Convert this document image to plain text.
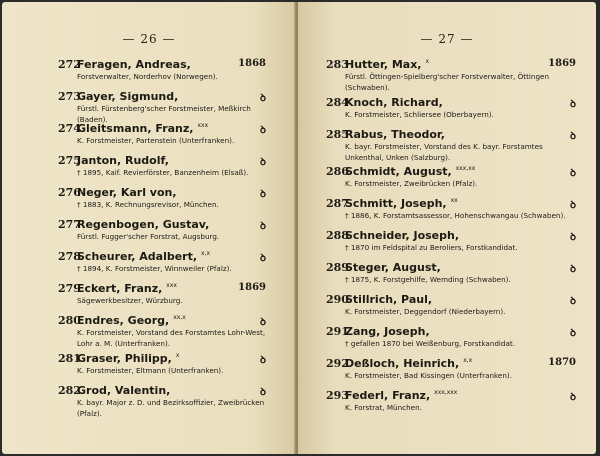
— 26 —
272
Feragen, Andreas,	1868
Forstverwalter, Norderhov (Norwegen).
273
Gayer, Sigmund,	ꝺ
Fürstl. Fürstenberg'scher Forstmeister, Meßkirch (Baden).
274
Gleitsmann, Franz, $^{xxx}$	ꝺ
K. Forstmeister, Partenstein (Unterfranken).
275
Janton, Rudolf,	ꝺ
† 1895, Kaif. Revierförster, Banzenheim (Elsaß).
276
Neger, Karl von,	ꝺ
† 1883, K. Rechnungsrevisor, München.
277
Regenbogen, Gustav,	ꝺ
Fürstl. Fugger'scher Forstrat, Augsburg.
278
Scheurer, Adalbert, $^{x,x}$	ꝺ
† 1894, K. Forstmeister, Winnweiler (Pfalz).
279
Eckert, Franz, $^{xxx}$	1869
Sägewerkbesitzer, Würzburg.
280
Endres, Georg, $^{xx,x}$	ꝺ
K. Forstmeister, Vorstand des Forstamtes Lohr-West,
Lohr a. M. (Unterfranken).
281
Graser, Philipp, $^x$	ꝺ
K. Forstmeister, Eltmann (Unterfranken).
282
Grod, Valentin,	ꝺ
K. bayr. Major z. D. und Bezirksoffizier, Zweibrücken (Pfalz).
— 27 —
283
Hutter, Max, $^x$	1869
Fürstl. Öttingen-Spielberg'scher Forstverwalter, Öttingen
(Schwaben).
284
Knoch, Richard,	ꝺ
K. Forstmeister, Schliersee (Oberbayern).
285
Rabus, Theodor,	ꝺ
K. bayr. Forstmeister, Vorstand des K. bayr. Forstamtes
Unkenthal, Unken (Salzburg).
286
Schmidt, August, $^{xxx,xx}$	ꝺ
K. Forstmeister, Zweibrücken (Pfalz).
287
Schmitt, Joseph, $^{xx}$	ꝺ
† 1886, K. Forstamtsassessor, Hohenschwangau (Schwaben).
288
Schneider, Joseph,	ꝺ
† 1870 im Feldspital zu Beroliers, Forstkandidat.
289
Steger, August,	ꝺ
† 1875, K. Forstgehilfe, Wemding (Schwaben).
290
Stillrich, Paul,	ꝺ
K. Forstmeister, Deggendorf (Niederbayern).
291
Zang, Joseph,	ꝺ
† gefallen 1870 bei Weißenburg, Forstkandidat.
292
Deßloch, Heinrich, $^{x,x}$	1870
K. Forstmeister, Bad Kissingen (Unterfranken).
293
Federl, Franz, $^{xxx,xxx}$	ꝺ
K. Forstrat, München.
